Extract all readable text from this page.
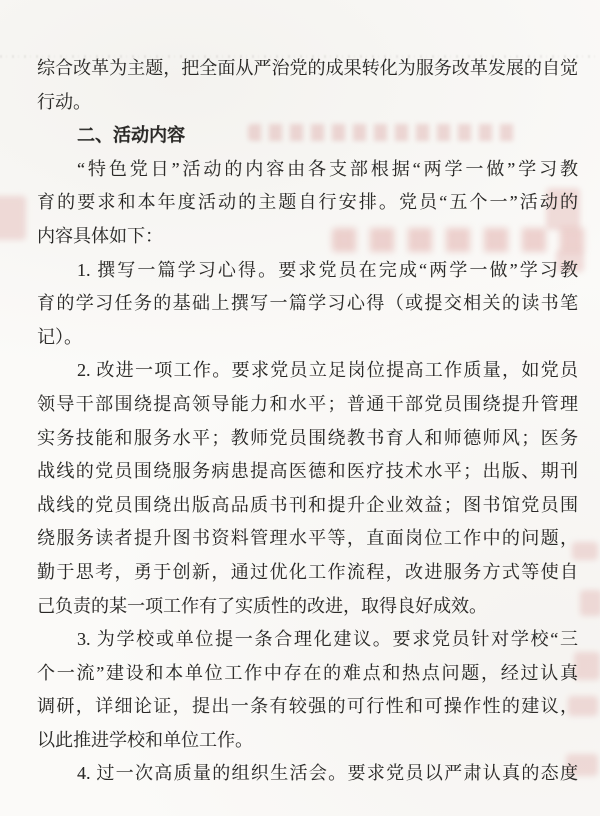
综合改革为主题，把全面从严治党的成果转化为服务改革发展的自觉
行动。
二、活动内容
“特色党日”活动的内容由各支部根据“两学一做”学习教
育的要求和本年度活动的主题自行安排。党员“五个一”活动的
内容具体如下：
1. 撰写一篇学习心得。要求党员在完成“两学一做”学习教
育的学习任务的基础上撰写一篇学习心得（或提交相关的读书笔
记）。
2. 改进一项工作。要求党员立足岗位提高工作质量，如党员
领导干部围绕提高领导能力和水平；普通干部党员围绕提升管理
实务技能和服务水平；教师党员围绕教书育人和师德师风；医务
战线的党员围绕服务病患提高医德和医疗技术水平；出版、期刊
战线的党员围绕出版高品质书刊和提升企业效益；图书馆党员围
绕服务读者提升图书资料管理水平等，直面岗位工作中的问题，
勤于思考，勇于创新，通过优化工作流程，改进服务方式等使自
己负责的某一项工作有了实质性的改进，取得良好成效。
3. 为学校或单位提一条合理化建议。要求党员针对学校“三
个一流”建设和本单位工作中存在的难点和热点问题，经过认真
调研，详细论证，提出一条有较强的可行性和可操作性的建议，
以此推进学校和单位工作。
4. 过一次高质量的组织生活会。要求党员以严肃认真的态度
